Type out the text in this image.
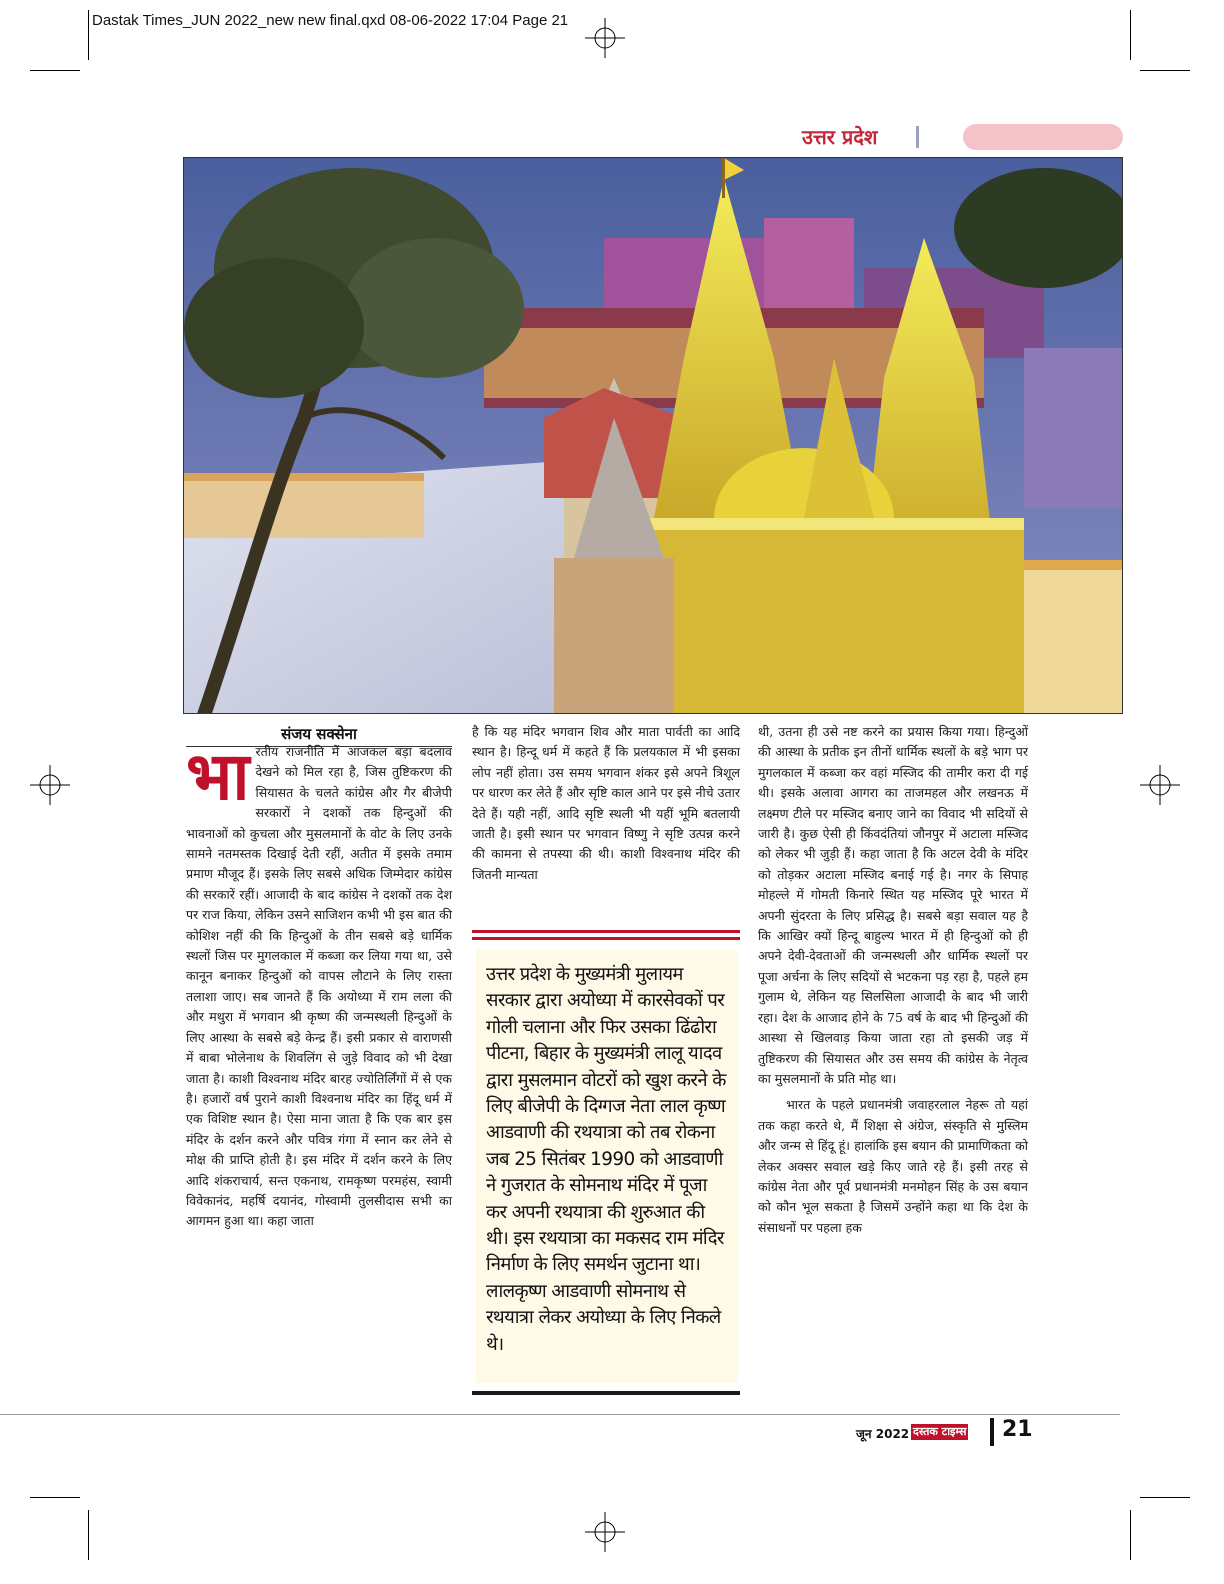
Dastak Times_JUN 2022_new new final.qxd 08-06-2022 17:04 Page 21
उत्तर प्रदेश
संजय सक्सेना
भा रतीय राजनीति में आजकल बड़ा बदलाव देखने को मिल रहा है, जिस तुष्टिकरण की सियासत के चलते कांग्रेस और गैर बीजेपी सरकारों ने दशकों तक हिन्दुओं की भावनाओं को कुचला और मुसलमानों के वोट के लिए उनके सामने नतमस्तक दिखाई देती रहीं, अतीत में इसके तमाम प्रमाण मौजूद हैं। इसके लिए सबसे अधिक जिम्मेदार कांग्रेस की सरकारें रहीं। आजादी के बाद कांग्रेस ने दशकों तक देश पर राज किया, लेकिन उसने साजिशन कभी भी इस बात की कोशिश नहीं की कि हिन्दुओं के तीन सबसे बड़े धार्मिक स्थलों जिस पर मुगलकाल में कब्जा कर लिया गया था, उसे कानून बनाकर हिन्दुओं को वापस लौटाने के लिए रास्ता तलाशा जाए। सब जानते हैं कि अयोध्या में राम लला की और मथुरा में भगवान श्री कृष्ण की जन्मस्थली हिन्दुओं के लिए आस्था के सबसे बड़े केन्द्र हैं। इसी प्रकार से वाराणसी में बाबा भोलेनाथ के शिवलिंग से जुड़े विवाद को भी देखा जाता है। काशी विश्वनाथ मंदिर बारह ज्योतिर्लिंगों में से एक है। हजारों वर्ष पुराने काशी विश्वनाथ मंदिर का हिंदू धर्म में एक विशिष्ट स्थान है। ऐसा माना जाता है कि एक बार इस मंदिर के दर्शन करने और पवित्र गंगा में स्नान कर लेने से मोक्ष की प्राप्ति होती है। इस मंदिर में दर्शन करने के लिए आदि शंकराचार्य, सन्त एकनाथ, रामकृष्ण परमहंस, स्वामी विवेकानंद, महर्षि दयानंद, गोस्वामी तुलसीदास सभी का आगमन हुआ था। कहा जाता

है कि यह मंदिर भगवान शिव और माता पार्वती का आदि स्थान है। हिन्दू धर्म में कहते हैं कि प्रलयकाल में भी इसका लोप नहीं होता। उस समय भगवान शंकर इसे अपने त्रिशूल पर धारण कर लेते हैं और सृष्टि काल आने पर इसे नीचे उतार देते हैं। यही नहीं, आदि सृष्टि स्थली भी यहीं भूमि बतलायी जाती है। इसी स्थान पर भगवान विष्णु ने सृष्टि उत्पन्न करने की कामना से तपस्या की थी। काशी विश्वनाथ मंदिर की जितनी मान्यता

उत्तर प्रदेश के मुख्यमंत्री मुलायम सरकार द्वारा अयोध्या में कारसेवकों पर गोली चलाना और फिर उसका ढिंढोरा पीटना, बिहार के मुख्यमंत्री लालू यादव द्वारा मुसलमान वोटरों को खुश करने के लिए बीजेपी के दिग्गज नेता लाल कृष्ण आडवाणी की रथयात्रा को तब रोकना जब 25 सितंबर 1990 को आडवाणी ने गुजरात के सोमनाथ मंदिर में पूजा कर अपनी रथयात्रा की शुरुआत की थी। इस रथयात्रा का मकसद राम मंदिर निर्माण के लिए समर्थन जुटाना था। लालकृष्ण आडवाणी सोमनाथ से रथयात्रा लेकर अयोध्या के लिए निकले थे।

थी, उतना ही उसे नष्ट करने का प्रयास किया गया। हिन्दुओं की आस्था के प्रतीक इन तीनों धार्मिक स्थलों के बड़े भाग पर मुगलकाल में कब्जा कर वहां मस्जिद की तामीर करा दी गई थी। इसके अलावा आगरा का ताजमहल और लखनऊ में लक्ष्मण टीले पर मस्जिद बनाए जाने का विवाद भी सदियों से जारी है। कुछ ऐसी ही किंवदंतियां जौनपुर में अटाला मस्जिद को लेकर भी जुड़ी हैं। कहा जाता है कि अटल देवी के मंदिर को तोड़कर अटाला मस्जिद बनाई गई है। नगर के सिपाह मोहल्ले में गोमती किनारे स्थित यह मस्जिद पूरे भारत में अपनी सुंदरता के लिए प्रसिद्ध है। सबसे बड़ा सवाल यह है कि आखिर क्यों हिन्दू बाहुल्य भारत में ही हिन्दुओं को ही अपने देवी-देवताओं की जन्मस्थली और धार्मिक स्थलों पर पूजा अर्चना के लिए सदियों से भटकना पड़ रहा है, पहले हम गुलाम थे, लेकिन यह सिलसिला आजादी के बाद भी जारी रहा। देश के आजाद होने के 75 वर्ष के बाद भी हिन्दुओं की आस्था से खिलवाड़ किया जाता रहा तो इसकी जड़ में तुष्टिकरण की सियासत और उस समय की कांग्रेस के नेतृत्व का मुसलमानों के प्रति मोह था।

भारत के पहले प्रधानमंत्री जवाहरलाल नेहरू तो यहां तक कहा करते थे, मैं शिक्षा से अंग्रेज, संस्कृति से मुस्लिम और जन्म से हिंदू हूं। हालांकि इस बयान की प्रामाणिकता को लेकर अक्सर सवाल खड़े किए जाते रहे हैं। इसी तरह से कांग्रेस नेता और पूर्व प्रधानमंत्री मनमोहन सिंह के उस बयान को कौन भूल सकता है जिसमें उन्होंने कहा था कि देश के संसाधनों पर पहला हक

जून 2022 दस्तक टाइम्स 21
